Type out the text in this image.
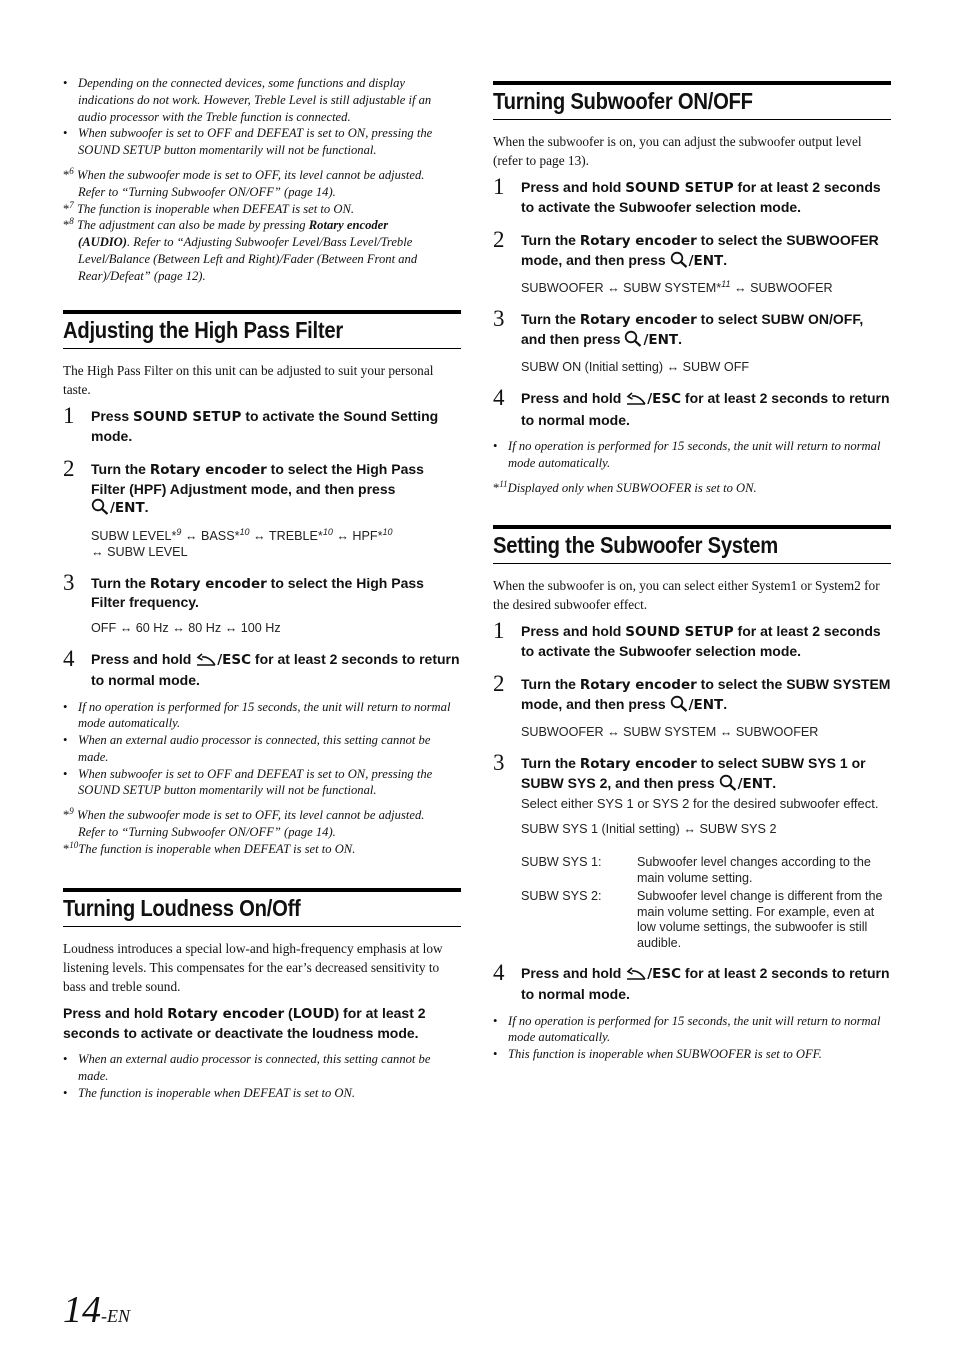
• Depending on the connected devices, some functions and display indications do not work. However, Treble Level is still adjustable if an audio processor with the Treble function is connected.
• When subwoofer is set to OFF and DEFEAT is set to ON, pressing the SOUND SETUP button momentarily will not be functional.

*$^6$ When the subwoofer mode is set to OFF, its level cannot be adjusted.

Refer to “Turning Subwoofer ON/OFF” (page 14).

*$^7$ The function is inoperable when DEFEAT is set to ON.

*$^8$ The adjustment can also be made by pressing Rotary encoder

(AUDIO). Refer to “Adjusting Subwoofer Level/Bass Level/Treble Level/Balance (Between Left and Right)/Fader (Between Front and Rear)/Defeat” (page 12).

Adjusting the High Pass Filter

The High Pass Filter on this unit can be adjusted to suit your personal taste.

1 Press SOUND SETUP to activate the Sound Setting mode.
2 Turn the Rotary encoder to select the High Pass Filter (HPF) Adjustment mode, and then press
/ENT.
SUBW LEVEL*$^9$ ↔ BASS*$^{10}$ ↔ TREBLE*$^{10}$ ↔ HPF*$^{10}$
↔ SUBW LEVEL
3 Turn the Rotary encoder to select the High Pass Filter frequency.
OFF ↔ 60 Hz ↔ 80 Hz ↔ 100 Hz
4 Press and hold /ESC for at least 2 seconds to return to normal mode.
• If no operation is performed for 15 seconds, the unit will return to normal mode automatically.
• When an external audio processor is connected, this setting cannot be made.
• When subwoofer is set to OFF and DEFEAT is set to ON, pressing the SOUND SETUP button momentarily will not be functional.

*$^9$ When the subwoofer mode is set to OFF, its level cannot be adjusted.

Refer to “Turning Subwoofer ON/OFF” (page 14).

*$^{10}$The function is inoperable when DEFEAT is set to ON.

Turning Loudness On/Off

Loudness introduces a special low-and high-frequency emphasis at low listening levels. This compensates for the ear’s decreased sensitivity to bass and treble sound.

Press and hold Rotary encoder (LOUD) for at least 2 seconds to activate or deactivate the loudness mode.
• When an external audio processor is connected, this setting cannot be made.
• The function is inoperable when DEFEAT is set to ON.
14-EN
Turning Subwoofer ON/OFF

When the subwoofer is on, you can adjust the subwoofer output level (refer to page 13).

1 Press and hold SOUND SETUP for at least 2 seconds to activate the Subwoofer selection mode.
2 Turn the Rotary encoder to select the SUBWOOFER mode, and then press /ENT.
SUBWOOFER ↔ SUBW SYSTEM*$^{11}$ ↔ SUBWOOFER
3 Turn the Rotary encoder to select SUBW ON/OFF, and then press /ENT.
SUBW ON (Initial setting) ↔ SUBW OFF
4 Press and hold /ESC for at least 2 seconds to return to normal mode.
• If no operation is performed for 15 seconds, the unit will return to normal mode automatically.

*$^{11}$Displayed only when SUBWOOFER is set to ON.

Setting the Subwoofer System

When the subwoofer is on, you can select either System1 or System2 for the desired subwoofer effect.

1 Press and hold SOUND SETUP for at least 2 seconds to activate the Subwoofer selection mode.
2 Turn the Rotary encoder to select the SUBW SYSTEM mode, and then press /ENT.
SUBWOOFER ↔ SUBW SYSTEM ↔ SUBWOOFER
3 Turn the Rotary encoder to select SUBW SYS 1 or SUBW SYS 2, and then press /ENT.
Select either SYS 1 or SYS 2 for the desired subwoofer effect.
SUBW SYS 1 (Initial setting) ↔ SUBW SYS 2
SUBW SYS 1:	Subwoofer level changes according to the main volume setting.
SUBW SYS 2:	Subwoofer level change is different from the main volume setting. For example, even at low volume settings, the subwoofer is still audible.
4 Press and hold /ESC for at least 2 seconds to return to normal mode.
• If no operation is performed for 15 seconds, the unit will return to normal mode automatically.
• This function is inoperable when SUBWOOFER is set to OFF.
